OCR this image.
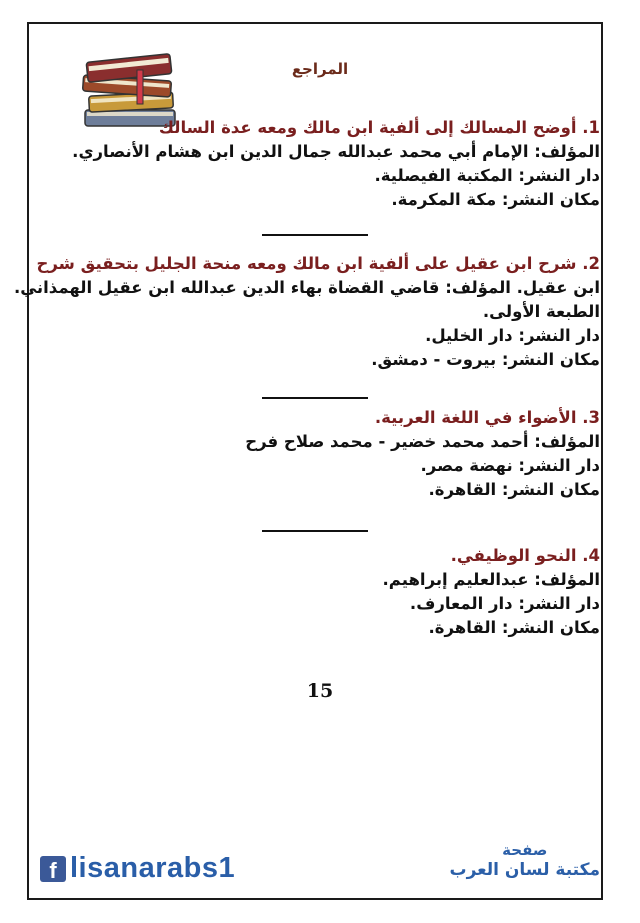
المراجع
1. أوضح المسالك إلى ألفية ابن مالك ومعه عدة السالك
المؤلف: الإمام أبي محمد عبدالله جمال الدين ابن هشام الأنصاري.
دار النشر: المكتبة الفيصلية.
مكان النشر: مكة المكرمة.
2. شرح ابن عقيل على ألفية ابن مالك ومعه منحة الجليل بتحقيق شرح
ابن عقيل. المؤلف: قاضي القضاة بهاء الدين عبدالله ابن عقيل الهمذاني.
الطبعة الأولى.
دار النشر: دار الخليل.
مكان النشر: بيروت - دمشق.
3. الأضواء في اللغة العربية.
المؤلف: أحمد محمد خضير - محمد صلاح فرح
دار النشر: نهضة مصر.
مكان النشر: القاهرة.
4. النحو الوظيفي.
المؤلف: عبدالعليم إبراهيم.
دار النشر: دار المعارف.
مكان النشر: القاهرة.
15
f lisanarabs1
صفحة
مكتبة لسان العرب
